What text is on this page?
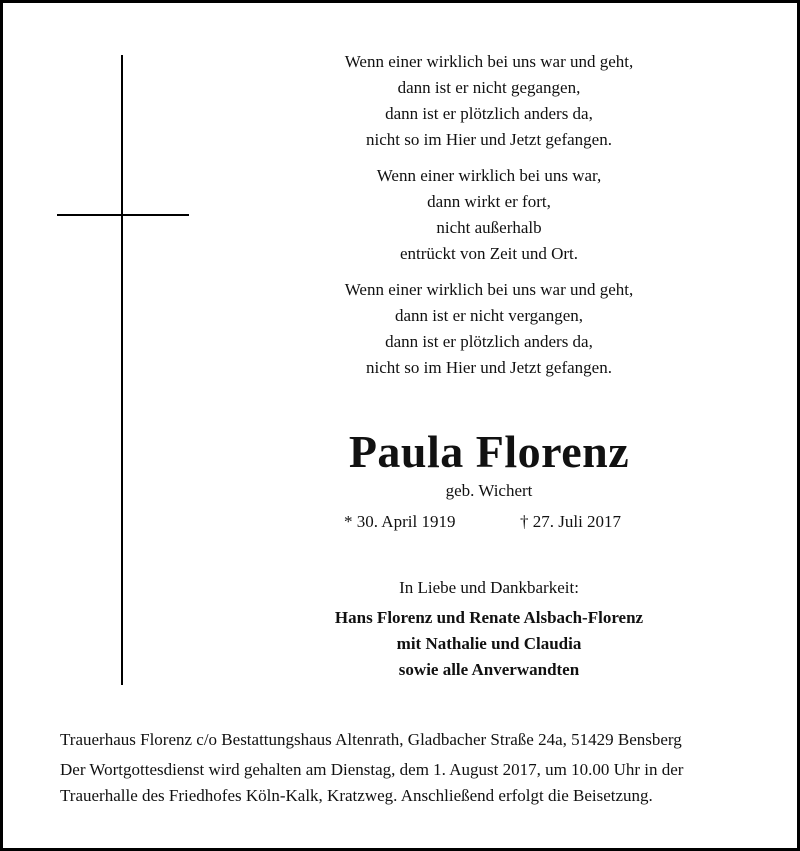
Wenn einer wirklich bei uns war und geht,
dann ist er nicht gegangen,
dann ist er plötzlich anders da,
nicht so im Hier und Jetzt gefangen.
Wenn einer wirklich bei uns war,
dann wirkt er fort,
nicht außerhalb
entrückt von Zeit und Ort.
Wenn einer wirklich bei uns war und geht,
dann ist er nicht vergangen,
dann ist er plötzlich anders da,
nicht so im Hier und Jetzt gefangen.
Paula Florenz
geb. Wichert
* 30. April 1919	† 27. Juli 2017
In Liebe und Dankbarkeit:
Hans Florenz und Renate Alsbach-Florenz
mit Nathalie und Claudia
sowie alle Anverwandten
Trauerhaus Florenz c/o Bestattungshaus Altenrath, Gladbacher Straße 24a, 51429 Bensberg
Der Wortgottesdienst wird gehalten am Dienstag, dem 1. August 2017, um 10.00 Uhr in der
Trauerhalle des Friedhofes Köln-Kalk, Kratzweg. Anschließend erfolgt die Beisetzung.
